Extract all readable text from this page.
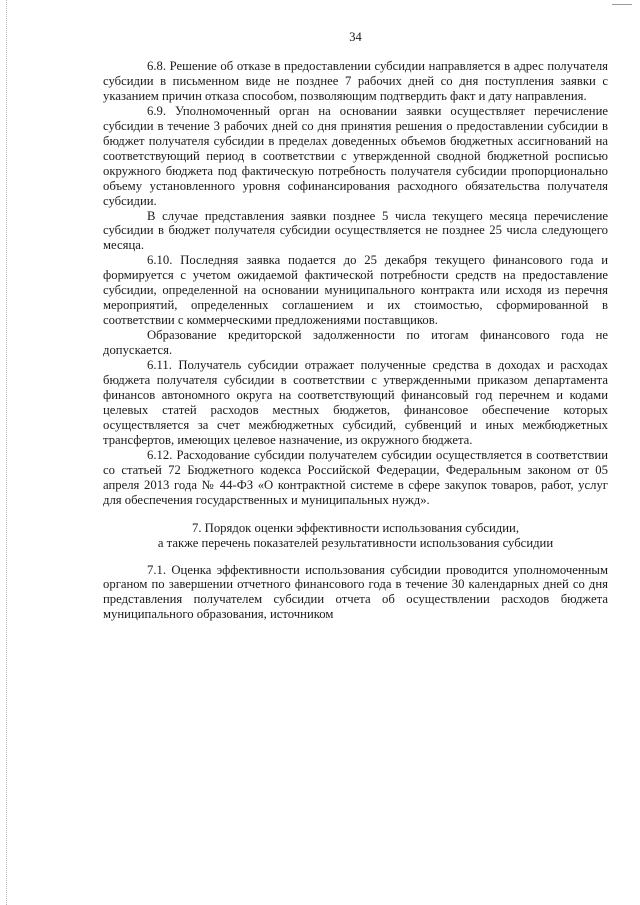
34

6.8. Решение об отказе в предоставлении субсидии направляется в адрес получателя субсидии в письменном виде не позднее 7 рабочих дней со дня поступления заявки с указанием причин отказа способом, позволяющим подтвердить факт и дату направления.

6.9. Уполномоченный орган на основании заявки осуществляет перечисление субсидии в течение 3 рабочих дней со дня принятия решения о предоставлении субсидии в бюджет получателя субсидии в пределах доведенных объемов бюджетных ассигнований на соответствующий период в соответствии с утвержденной сводной бюджетной росписью окружного бюджета под фактическую потребность получателя субсидии пропорционально объему установленного уровня софинансирования расходного обязательства получателя субсидии.

В случае представления заявки позднее 5 числа текущего месяца перечисление субсидии в бюджет получателя субсидии осуществляется не позднее 25 числа следующего месяца.

6.10. Последняя заявка подается до 25 декабря текущего финансового года и формируется с учетом ожидаемой фактической потребности средств на предоставление субсидии, определенной на основании муниципального контракта или исходя из перечня мероприятий, определенных соглашением и их стоимостью, сформированной в соответствии с коммерческими предложениями поставщиков.

Образование кредиторской задолженности по итогам финансового года не допускается.

6.11. Получатель субсидии отражает полученные средства в доходах и расходах бюджета получателя субсидии в соответствии с утвержденными приказом департамента финансов автономного округа на соответствующий финансовый год перечнем и кодами целевых статей расходов местных бюджетов, финансовое обеспечение которых осуществляется за счет межбюджетных субсидий, субвенций и иных межбюджетных трансфертов, имеющих целевое назначение, из окружного бюджета.

6.12. Расходование субсидии получателем субсидии осуществляется в соответствии со статьей 72 Бюджетного кодекса Российской Федерации, Федеральным законом от 05 апреля 2013 года № 44-ФЗ «О контрактной системе в сфере закупок товаров, работ, услуг для обеспечения государственных и муниципальных нужд».

7. Порядок оценки эффективности использования субсидии,
а также перечень показателей результативности использования субсидии

7.1. Оценка эффективности использования субсидии проводится уполномоченным органом по завершении отчетного финансового года в течение 30 календарных дней со дня представления получателем субсидии отчета об осуществлении расходов бюджета муниципального образования, источником
